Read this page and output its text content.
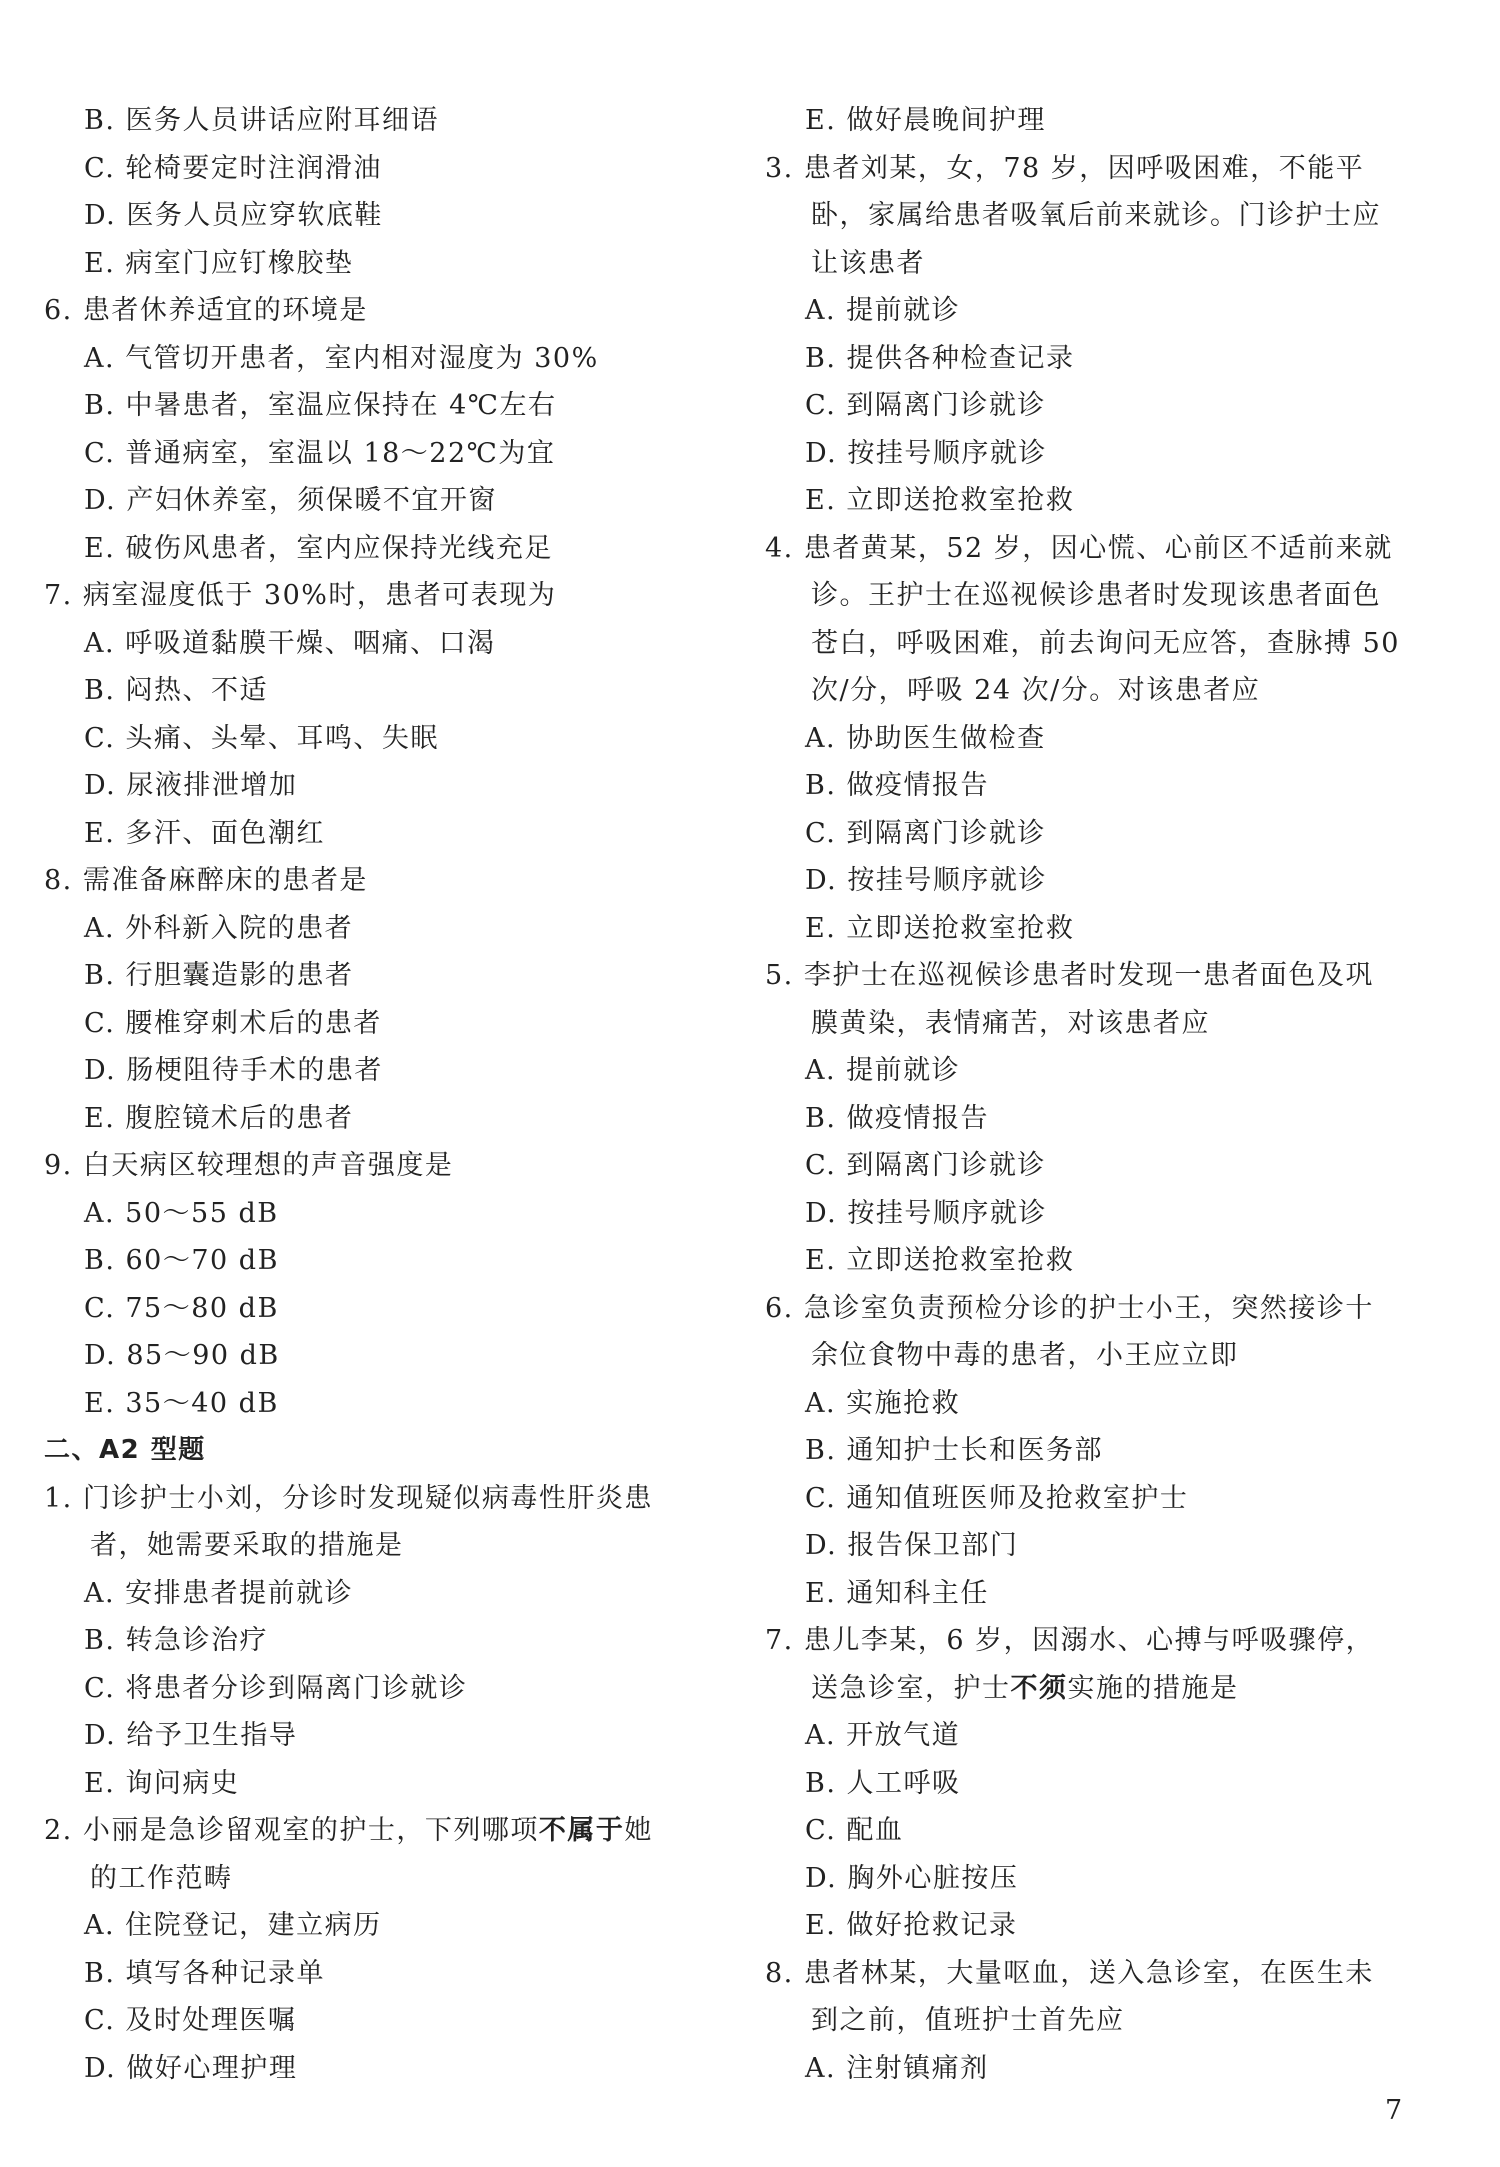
B. 医务人员讲话应附耳细语
C. 轮椅要定时注润滑油
D. 医务人员应穿软底鞋
E. 病室门应钉橡胶垫
6. 患者休养适宜的环境是
A. 气管切开患者，室内相对湿度为 30%
B. 中暑患者，室温应保持在 4℃左右
C. 普通病室，室温以 18～22℃为宜
D. 产妇休养室，须保暖不宜开窗
E. 破伤风患者，室内应保持光线充足
7. 病室湿度低于 30%时，患者可表现为
A. 呼吸道黏膜干燥、咽痛、口渴
B. 闷热、不适
C. 头痛、头晕、耳鸣、失眠
D. 尿液排泄增加
E. 多汗、面色潮红
8. 需准备麻醉床的患者是
A. 外科新入院的患者
B. 行胆囊造影的患者
C. 腰椎穿刺术后的患者
D. 肠梗阻待手术的患者
E. 腹腔镜术后的患者
9. 白天病区较理想的声音强度是
A. 50～55 dB
B. 60～70 dB
C. 75～80 dB
D. 85～90 dB
E. 35～40 dB
二、A2 型题
1. 门诊护士小刘，分诊时发现疑似病毒性肝炎患
者，她需要采取的措施是
A. 安排患者提前就诊
B. 转急诊治疗
C. 将患者分诊到隔离门诊就诊
D. 给予卫生指导
E. 询问病史
2. 小丽是急诊留观室的护士，下列哪项不属于她
的工作范畴
A. 住院登记，建立病历
B. 填写各种记录单
C. 及时处理医嘱
D. 做好心理护理
E. 做好晨晚间护理
3. 患者刘某，女，78 岁，因呼吸困难，不能平
卧，家属给患者吸氧后前来就诊。门诊护士应
让该患者
A. 提前就诊
B. 提供各种检查记录
C. 到隔离门诊就诊
D. 按挂号顺序就诊
E. 立即送抢救室抢救
4. 患者黄某，52 岁，因心慌、心前区不适前来就
诊。王护士在巡视候诊患者时发现该患者面色
苍白，呼吸困难，前去询问无应答，查脉搏 50
次/分，呼吸 24 次/分。对该患者应
A. 协助医生做检查
B. 做疫情报告
C. 到隔离门诊就诊
D. 按挂号顺序就诊
E. 立即送抢救室抢救
5. 李护士在巡视候诊患者时发现一患者面色及巩
膜黄染，表情痛苦，对该患者应
A. 提前就诊
B. 做疫情报告
C. 到隔离门诊就诊
D. 按挂号顺序就诊
E. 立即送抢救室抢救
6. 急诊室负责预检分诊的护士小王，突然接诊十
余位食物中毒的患者，小王应立即
A. 实施抢救
B. 通知护士长和医务部
C. 通知值班医师及抢救室护士
D. 报告保卫部门
E. 通知科主任
7. 患儿李某，6 岁，因溺水、心搏与呼吸骤停，
送急诊室，护士不须实施的措施是
A. 开放气道
B. 人工呼吸
C. 配血
D. 胸外心脏按压
E. 做好抢救记录
8. 患者林某，大量呕血，送入急诊室，在医生未
到之前，值班护士首先应
A. 注射镇痛剂
7
